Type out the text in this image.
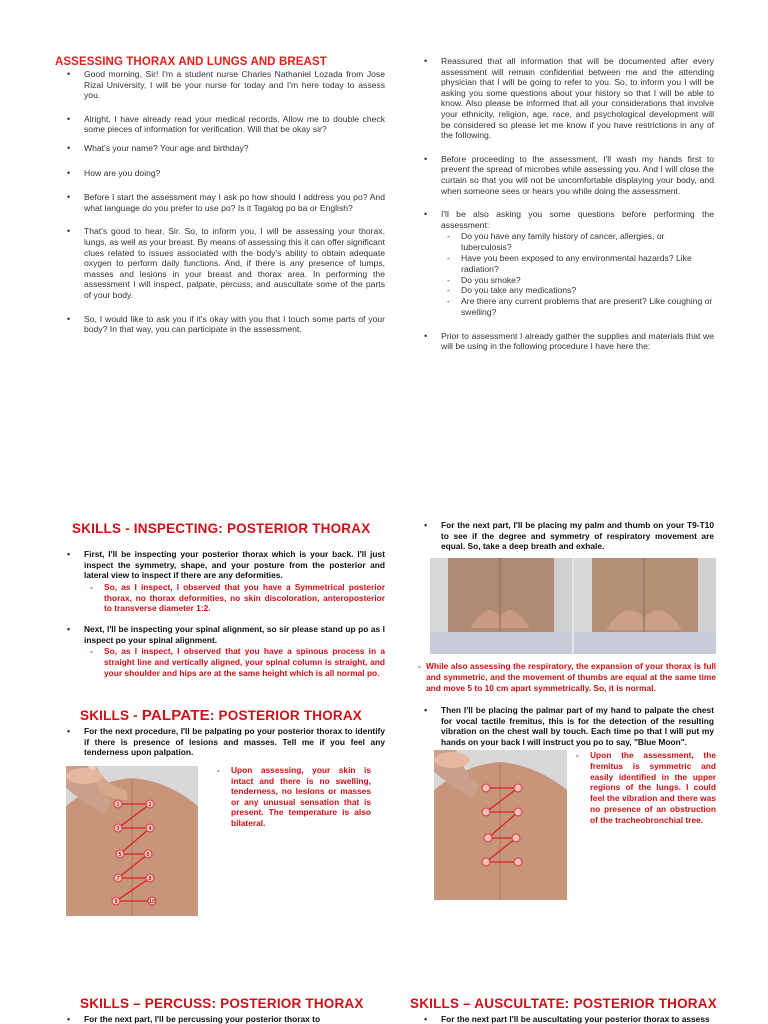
ASSESSING THORAX AND LUNGS AND BREAST
• Good morning, Sir! I'm a student nurse Charles Nathaniel Lozada from Jose Rizal University, I will be your nurse for today and I'm here today to assess you.
• Alright, I have already read your medical records. Allow me to double check some pieces of information for verification. Will that be okay sir?
• What's your name? Your age and birthday?
• How are you doing?
• Before I start the assessment may I ask po how should I address you po? And what language do you prefer to use po? Is it Tagalog po ba or English?
• That's good to hear, Sir. So, to inform you, I will be assessing your thorax, lungs, as well as your breast. By means of assessing this it can offer significant clues related to issues associated with the body's ability to obtain adequate oxygen to perform daily functions. And, if there is any presence of lumps, masses and lesions in your breast and thorax area. In performing the assessment I will inspect, palpate, percuss, and auscultate some of the parts of your body.
• So, I would like to ask you if it's okay with you that I touch some parts of your body? In that way, you can participate in the assessment.
• Reassured that all information that will be documented after every assessment will remain confidential between me and the attending physician that I will be going to refer to you. So, to inform you I will be asking you some questions about your history so that I will be able to know. Also please be informed that all your considerations that involve your ethnicity, religion, age, race, and psychological development will be considered so please let me know if you have restrictions in any of the following.
• Before proceeding to the assessment, I'll wash my hands first to prevent the spread of microbes while assessing you. And I will close the curtain so that you will not be uncomfortable displaying your body, and when someone sees or hears you while doing the assessment.
• I'll be also asking you some questions before performing the assessment:
- Do you have any family history of cancer, allergies, or tuberculosis?
- Have you been exposed to any environmental hazards? Like radiation?
- Do you smoke?
- Do you take any medications?
- Are there any current problems that are present? Like coughing or swelling?
• Prior to assessment I already gather the supplies and materials that we will be using in the following procedure I have here the:
SKILLS - INSPECTING: POSTERIOR THORAX
• First, I'll be inspecting your posterior thorax which is your back. I'll just inspect the symmetry, shape, and your posture from the posterior and lateral view to inspect if there are any deformities.
- So, as I inspect, I observed that you have a Symmetrical posterior thorax, no thorax deformities, no skin discoloration, anteroposterior to transverse diameter 1:2.
• Next, I'll be inspecting your spinal alignment, so sir please stand up po as I inspect po your spinal alignment.
- So, as I inspect, I observed that you have a spinous process in a straight line and vertically aligned, your spinal column is straight, and your shoulder and hips are at the same height which is all normal po.
SKILLS - PALPATE: POSTERIOR THORAX
• For the next procedure, I'll be palpating po your posterior thorax to identify if there is presence of lesions and masses. Tell me if you feel any tenderness upon palpation.
1	2
3	4
5	6
7	8
9	10
- Upon assessing, your skin is intact and there is no swelling, tenderness, no lesions or masses or any unusual sensation that is present. The temperature is also bilateral.
• For the next part, I'll be placing my palm and thumb on your T9-T10 to see if the degree and symmetry of respiratory movement are equal. So, take a deep breath and exhale.
- While also assessing the respiratory, the expansion of your thorax is full and symmetric, and the movement of thumbs are equal at the same time and move 5 to 10 cm apart symmetrically. So, it is normal.
• Then I'll be placing the palmar part of my hand to palpate the chest for vocal tactile fremitus, this is for the detection of the resulting vibration on the chest wall by touch. Each time po that I will put my hands on your back I will instruct you po to say, "Blue Moon".
- Upon the assessment, the fremitus is symmetric and easily identified in the upper regions of the lungs. I could feel the vibration and there was no presence of an obstruction of the tracheobronchial tree.
SKILLS – PERCUSS: POSTERIOR THORAX
• For the next part, I'll be percussing your posterior thorax to
SKILLS – AUSCULTATE: POSTERIOR THORAX
• For the next part I'll be auscultating your posterior thorax to assess
